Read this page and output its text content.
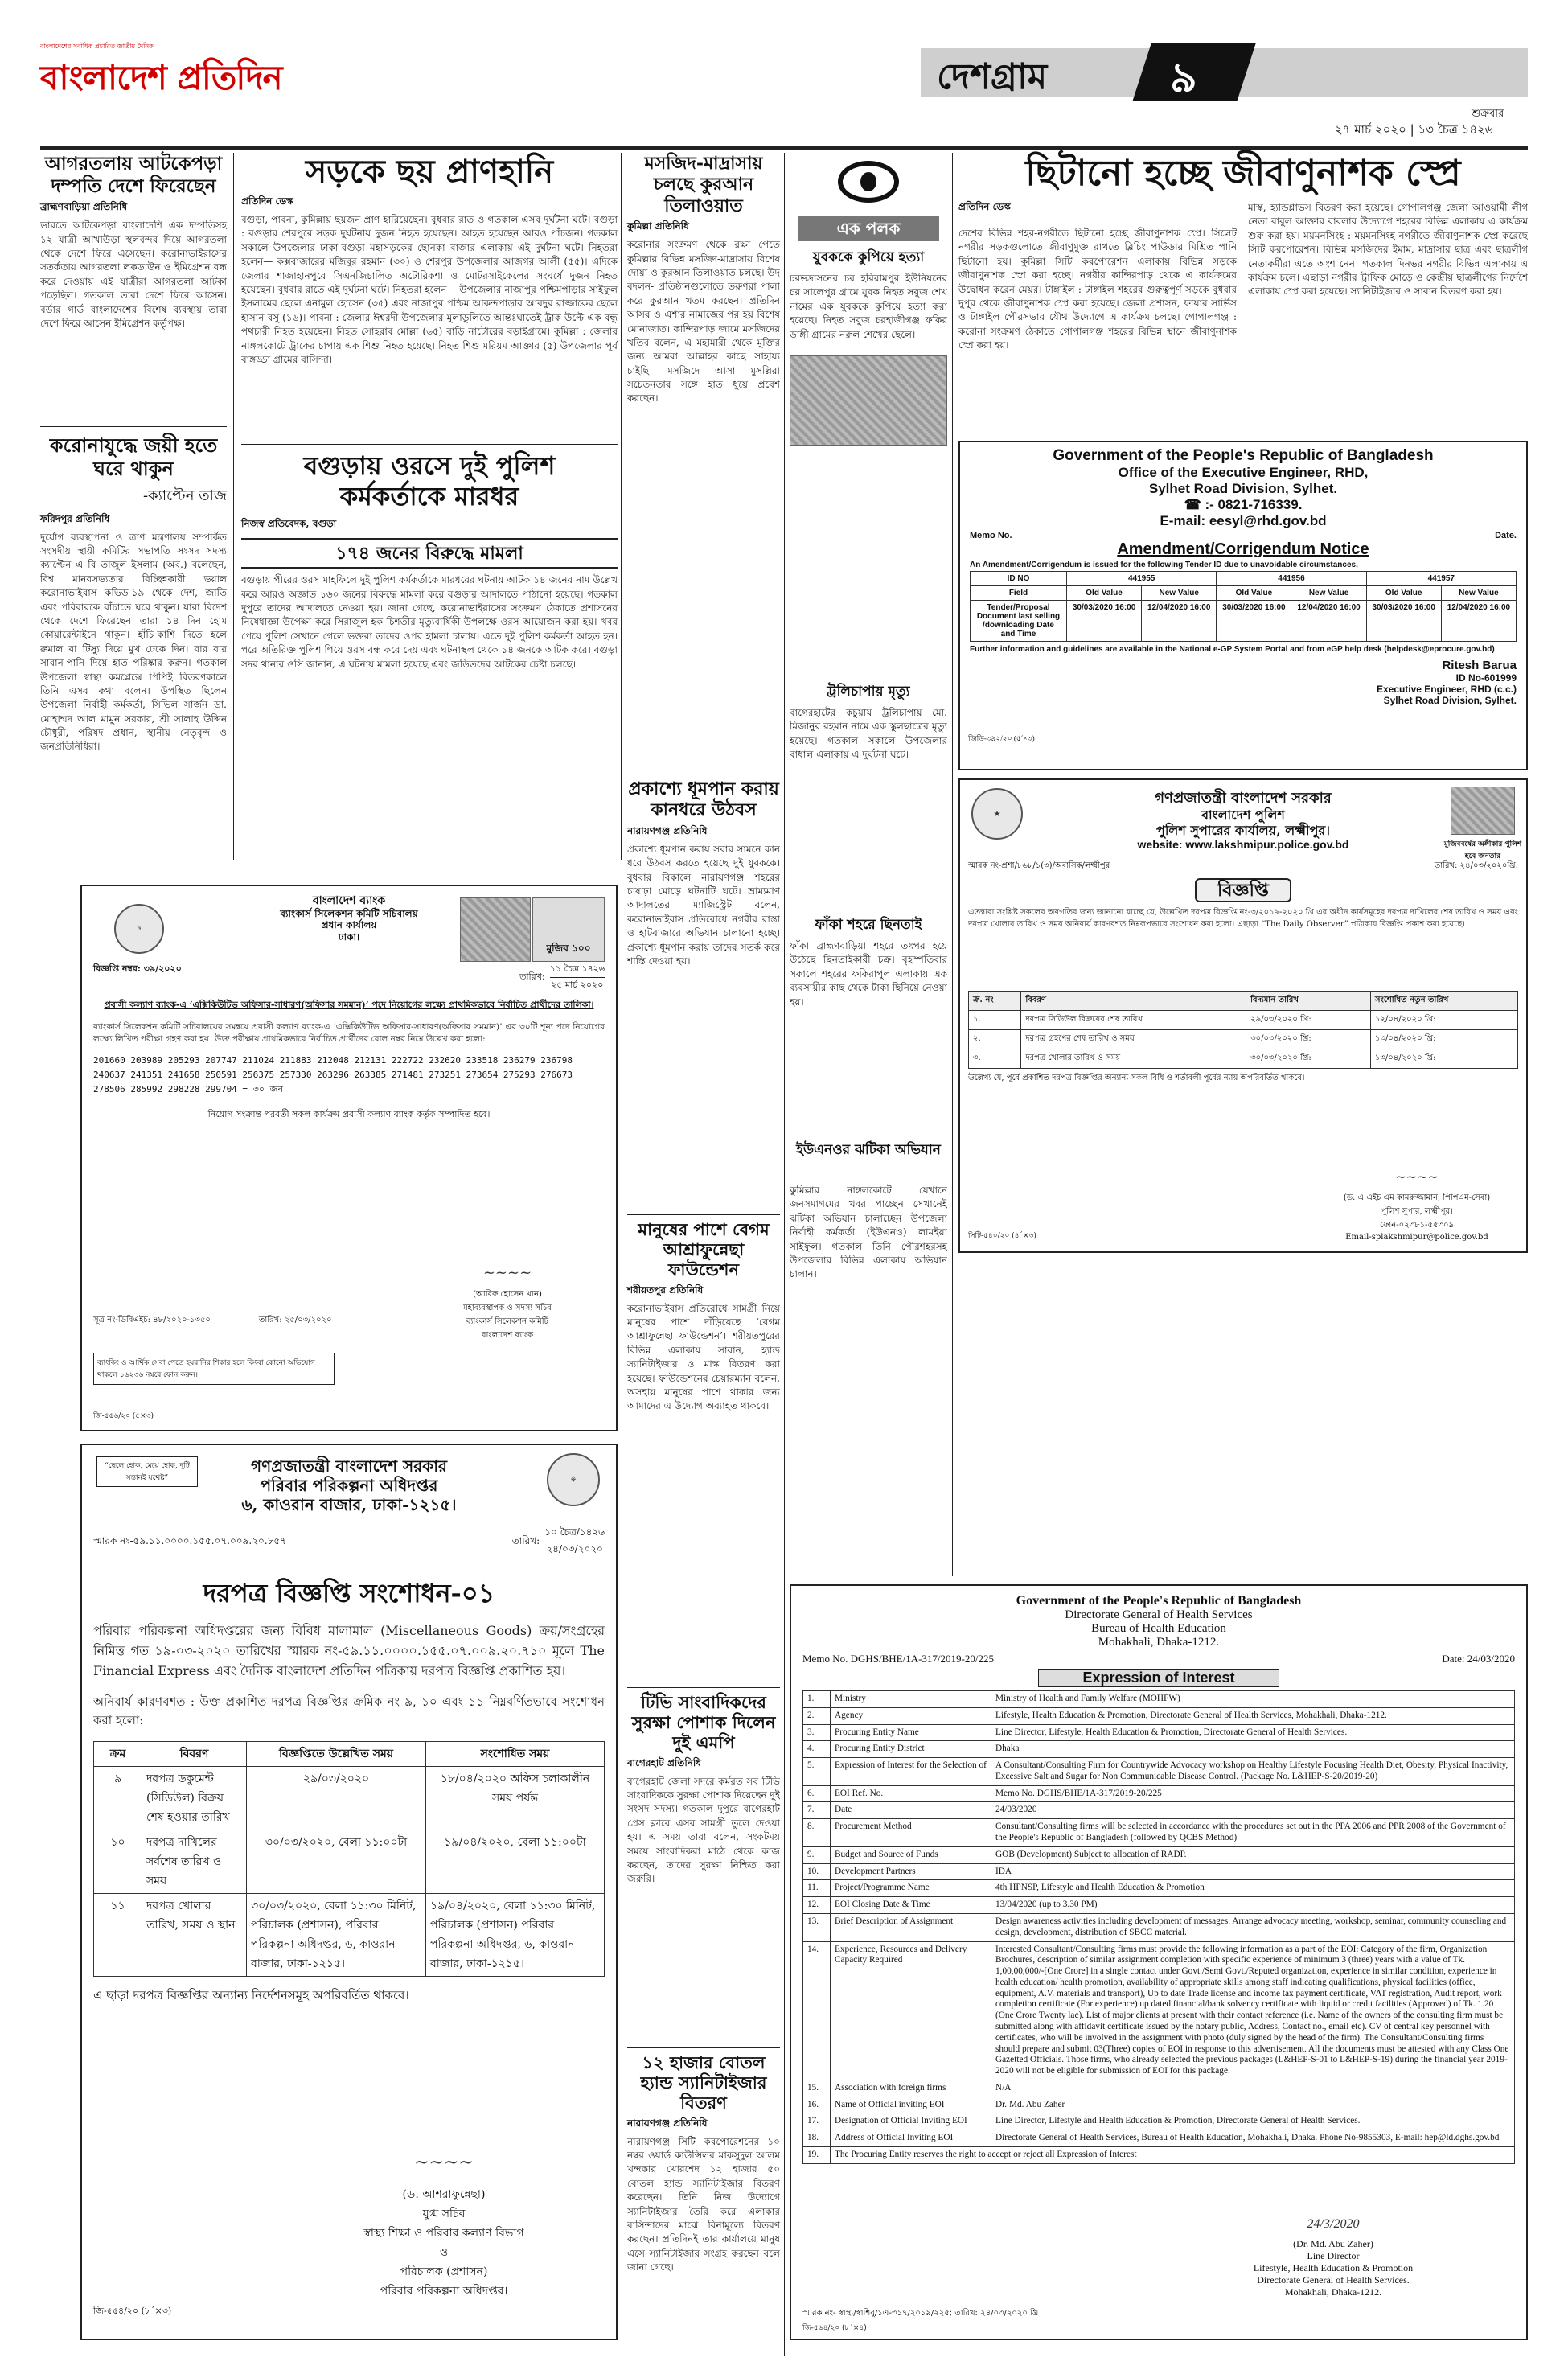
বাংলাদেশের সর্বাধিক প্রচারিত জাতীয় দৈনিক
বাংলাদেশ প্রতিদিন	দেশগ্রাম	৯
শুক্রবার
২৭ মার্চ ২০২০ | ১৩ চৈত্র ১৪২৬
আগরতলায় আটকেপড়া দম্পতি দেশে ফিরেছেন
ব্রাহ্মণবাড়িয়া প্রতিনিধি
ভারতে আটকেপড়া বাংলাদেশি এক দম্পতিসহ ১২ যাত্রী আখাউড়া স্থলবন্দর দিয়ে আগরতলা থেকে দেশে ফিরে এসেছেন। করোনাভাইরাসের সতর্কতায় আগরতলা লকডাউন ও ইমিগ্রেশন বন্ধ করে দেওয়ায় এই যাত্রীরা আগরতলা আটকা পড়েছিল। গতকাল তারা দেশে ফিরে আসেন। বর্ডার গার্ড বাংলাদেশের বিশেষ ব্যবস্থায় তারা দেশে ফিরে আসেন ইমিগ্রেশন কর্তৃপক্ষ।
করোনাযুদ্ধে জয়ী হতে ঘরে থাকুন
-ক্যাপ্টেন তাজ
ফরিদপুর প্রতিনিধি
দুর্যোগ ব্যবস্থাপনা ও ত্রাণ মন্ত্রণালয় সম্পর্কিত সংসদীয় স্থায়ী কমিটির সভাপতি সংসদ সদস্য ক্যাপ্টেন এ বি তাজুল ইসলাম (অব.) বলেছেন, বিশ্ব মানবসভ্যতার বিচ্ছিন্নকারী ভয়াল করোনাভাইরাস কভিড-১৯ থেকে দেশ, জাতি এবং পরিবারকে বাঁচাতে ঘরে থাকুন। যারা বিদেশ থেকে দেশে ফিরেছেন তারা ১৪ দিন হোম কোয়ারেন্টাইনে থাকুন। হাঁচি-কাশি দিতে হলে রুমাল বা টিস্যু দিয়ে মুখ ঢেকে দিন। বার বার সাবান-পানি দিয়ে হাত পরিষ্কার করুন। গতকাল উপজেলা স্বাস্থ্য কমপ্লেক্সে পিপিই বিতরণকালে তিনি এসব কথা বলেন। উপস্থিত ছিলেন উপজেলা নির্বাহী কর্মকর্তা, সিভিল সার্জন ডা. মোহাম্মদ আল মামুন সরকার, শ্রী সালাহ উদ্দিন চৌধুরী, পরিষদ প্রধান, স্থানীয় নেতৃবৃন্দ ও জনপ্রতিনিধিরা।
সড়কে ছয় প্রাণহানি
প্রতিদিন ডেস্ক
বগুড়া, পাবনা, কুমিল্লায় ছয়জন প্রাণ হারিয়েছেন। বুধবার রাত ও গতকাল এসব দুর্ঘটনা ঘটে। বগুড়া : বগুড়ার শেরপুরে সড়ক দুর্ঘটনায় দুজন নিহত হয়েছেন। আহত হয়েছেন আরও পাঁচজন। গতকাল সকালে উপজেলার ঢাকা-বগুড়া মহাসড়কের ছোনকা বাজার এলাকায় এই দুর্ঘটনা ঘটে। নিহতরা হলেন— কক্সবাজারের মজিবুর রহমান (৩০) ও শেরপুর উপজেলার আজগর আলী (৫৫)। এদিকে জেলার শাজাহানপুরে সিএনজিচালিত অটোরিকশা ও মোটরসাইকেলের সংঘর্ষে দুজন নিহত হয়েছেন। বুধবার রাতে এই দুর্ঘটনা ঘটে। নিহতরা হলেন— উপজেলার নাজাপুর পশ্চিমপাড়ার সাইফুল ইসলামের ছেলে এনামুল হোসেন (৩৫) এবং নাজাপুর পশ্চিম আকন্দপাড়ার আবদুর রাজ্জাকের ছেলে হাসান বসু (১৬)। পাবনা : জেলার ঈশ্বরদী উপজেলার মুলাডুলিতে আন্তঃঘাতেই ট্রাক উল্টে এক বন্ধু পথচারী নিহত হয়েছেন। নিহত সোহরাব মোল্লা (৬৫) বাড়ি নাটোরের বড়াইগ্রামে। কুমিল্লা : জেলার নাঙ্গলকোটে ট্রাকের চাপায় এক শিশু নিহত হয়েছে। নিহত শিশু মরিয়ম আক্তার (৫) উপজেলার পূর্ব বাঙ্গড্ডা গ্রামের বাসিন্দা।
বগুড়ায় ওরসে দুই পুলিশ কর্মকর্তাকে মারধর
নিজস্ব প্রতিবেদক, বগুড়া
১৭৪ জনের বিরুদ্ধে মামলা
বগুড়ায় পীরের ওরস মাহফিলে দুই পুলিশ কর্মকর্তাকে মারধরের ঘটনায় আটক ১৪ জনের নাম উল্লেখ করে আরও অজ্ঞাত ১৬০ জনের বিরুদ্ধে মামলা করে বগুড়ার আদালতে পাঠানো হয়েছে। গতকাল দুপুরে তাদের আদালতে নেওয়া হয়। জানা গেছে, করোনাভাইরাসের সংক্রমণ ঠেকাতে প্রশাসনের নিষেধাজ্ঞা উপেক্ষা করে সিরাজুল হক চিশতীর মৃত্যুবার্ষিকী উপলক্ষে ওরস আয়োজন করা হয়। খবর পেয়ে পুলিশ সেখানে গেলে ভক্তরা তাদের ওপর হামলা চালায়। এতে দুই পুলিশ কর্মকর্তা আহত হন। পরে অতিরিক্ত পুলিশ গিয়ে ওরস বন্ধ করে দেয় এবং ঘটনাস্থল থেকে ১৪ জনকে আটক করে। বগুড়া সদর থানার ওসি জানান, এ ঘটনায় মামলা হয়েছে এবং জড়িতদের আটকের চেষ্টা চলছে।
মসজিদ-মাদ্রাসায় চলছে কুরআন তিলাওয়াত
কুমিল্লা প্রতিনিধি
করোনার সংক্রমণ থেকে রক্ষা পেতে কুমিল্লার বিভিন্ন মসজিদ-মাদ্রাসায় বিশেষ দোয়া ও কুরআন তিলাওয়াত চলছে। উদ্‌ বদলন- প্রতিষ্ঠানগুলোতে তরুণরা পালা করে কুরআন খতম করছেন। প্রতিদিন আসর ও এশার নামাজের পর হয় বিশেষ মোনাজাত। কান্দিরপাড় জামে মসজিদের খতিব বলেন, এ মহামারী থেকে মুক্তির জন্য আমরা আল্লাহর কাছে সাহায্য চাইছি। মসজিদে আসা মুসল্লিরা সচেতনতার সঙ্গে হাত ধুয়ে প্রবেশ করছেন।
প্রকাশ্যে ধূমপান করায় কানধরে উঠবস
নারায়ণগঞ্জ প্রতিনিধি
প্রকাশ্যে ধূমপান করায় সবার সামনে কান ধরে উঠবস করতে হয়েছে দুই যুবককে। বুধবার বিকালে নারায়ণগঞ্জ শহরের চাষাঢ়া মোড়ে ঘটনাটি ঘটে। ভ্রাম্যমাণ আদালতের ম্যাজিস্ট্রেট বলেন, করোনাভাইরাস প্রতিরোধে নগরীর রাস্তা ও হাটবাজারে অভিযান চালানো হচ্ছে। প্রকাশ্যে ধূমপান করায় তাদের সতর্ক করে শাস্তি দেওয়া হয়।
মানুষের পাশে বেগম আশ্রাফুন্নেছা ফাউন্ডেশন
শরীয়তপুর প্রতিনিধি
করোনাভাইরাস প্রতিরোধে সামগ্রী নিয়ে মানুষের পাশে দাঁড়িয়েছে ‘বেগম আশ্রাফুন্নেছা ফাউন্ডেশন’। শরীয়তপুরের বিভিন্ন এলাকায় সাবান, হ্যান্ড স্যানিটাইজার ও মাস্ক বিতরণ করা হয়েছে। ফাউন্ডেশনের চেয়ারম্যান বলেন, অসহায় মানুষের পাশে থাকার জন্য আমাদের এ উদ্যোগ অব্যাহত থাকবে।
টিভি সাংবাদিকদের সুরক্ষা পোশাক দিলেন দুই এমপি
বাগেরহাট প্রতিনিধি
বাগেরহাট জেলা সদরে কর্মরত সব টিভি সাংবাদিককে সুরক্ষা পোশাক দিয়েছেন দুই সংসদ সদস্য। গতকাল দুপুরে বাগেরহাট প্রেস ক্লাবে এসব সামগ্রী তুলে দেওয়া হয়। এ সময় তারা বলেন, সংকটময় সময়ে সাংবাদিকরা মাঠে থেকে কাজ করছেন, তাদের সুরক্ষা নিশ্চিত করা জরুরি।
১২ হাজার বোতল হ্যান্ড স্যানিটাইজার বিতরণ
নারায়ণগঞ্জ প্রতিনিধি
নারায়ণগঞ্জ সিটি করপোরেশনের ১০ নম্বর ওয়ার্ড কাউন্সিলর মাকসুদুল আলম খন্দকার খোরশেদ ১২ হাজার ৫০ বোতল হ্যান্ড স্যানিটাইজার বিতরণ করেছেন। তিনি নিজ উদ্যোগে স্যানিটাইজার তৈরি করে এলাকার বাসিন্দাদের মাঝে বিনামূল্যে বিতরণ করছেন। প্রতিদিনই তার কার্যালয়ে মানুষ এসে স্যানিটাইজার সংগ্রহ করছেন বলে জানা গেছে।
এক পলক
যুবককে কুপিয়ে হত্যা
চরভদ্রাসনের চর হরিরামপুর ইউনিয়নের চর সালেপুর গ্রামে যুবক নিহত সবুজ শেখ নামের এক যুবককে কুপিয়ে হত্যা করা হয়েছে। নিহত সবুজ চরহাজীগঞ্জ ফকির ডাঙ্গী গ্রামের নরুল শেখের ছেলে।
ট্রলিচাপায় মৃত্যু
বাগেরহাটের কচুয়ায় ট্রলিচাপায় মো. মিজানুর রহমান নামে এক স্কুলছাত্রের মৃত্যু হয়েছে। গতকাল সকালে উপজেলার বাধাল এলাকায় এ দুর্ঘটনা ঘটে।
ফাঁকা শহরে ছিনতাই
ফাঁকা ব্রাহ্মণবাড়িয়া শহরে তৎপর হয়ে উঠেছে ছিনতাইকারী চক্র। বৃহস্পতিবার সকালে শহরের ফকিরাপুল এলাকায় এক ব্যবসায়ীর কাছ থেকে টাকা ছিনিয়ে নেওয়া হয়।
ইউএনওর ঝটিকা অভিযান
কুমিল্লার নাঙ্গলকোটে যেখানে জনসমাগমের খবর পাচ্ছেন সেখানেই ঝটিকা অভিযান চালাচ্ছেন উপজেলা নির্বাহী কর্মকর্তা (ইউএনও) লামইয়া সাইফুল। গতকাল তিনি পৌরশহরসহ উপজেলার বিভিন্ন এলাকায় অভিযান চালান।
ছিটানো হচ্ছে জীবাণুনাশক স্প্রে
প্রতিদিন ডেস্ক
দেশের বিভিন্ন শহর-নগরীতে ছিটানো হচ্ছে জীবাণুনাশক স্প্রে। সিলেট নগরীর সড়কগুলোতে জীবাণুমুক্ত রাখতে ব্লিচিং পাউডার মিশ্রিত পানি ছিটানো হয়। কুমিল্লা সিটি করপোরেশন এলাকায় বিভিন্ন সড়কে জীবাণুনাশক স্প্রে করা হচ্ছে। নগরীর কান্দিরপাড় থেকে এ কার্যক্রমের উদ্বোধন করেন মেয়র। টাঙ্গাইল : টাঙ্গাইল শহরের গুরুত্বপূর্ণ সড়কে বুধবার দুপুর থেকে জীবাণুনাশক স্প্রে করা হয়েছে। জেলা প্রশাসন, ফায়ার সার্ভিস ও টাঙ্গাইল পৌরসভার যৌথ উদ্যোগে এ কার্যক্রম চলছে। গোপালগঞ্জ : করোনা সংক্রমণ ঠেকাতে গোপালগঞ্জ শহরের বিভিন্ন স্থানে জীবাণুনাশক স্প্রে করা হয়।
মাস্ক, হ্যান্ডগ্লাভস বিতরণ করা হয়েছে। গোপালগঞ্জ জেলা আওয়ামী লীগ নেতা বাবুল আক্তার বাবলার উদ্যোগে শহরের বিভিন্ন এলাকায় এ কার্যক্রম শুরু করা হয়। ময়মনসিংহ : ময়মনসিংহ নগরীতে জীবাণুনাশক স্প্রে করেছে সিটি করপোরেশন। বিভিন্ন মসজিদের ইমাম, মাদ্রাসার ছাত্র এবং ছাত্রলীগ নেতাকর্মীরা এতে অংশ নেন। গতকাল দিনভর নগরীর বিভিন্ন এলাকায় এ কার্যক্রম চলে। এছাড়া নগরীর ট্রাফিক মোড়ে ও কেন্দ্রীয় ছাত্রলীগের নির্দেশে এলাকায় স্প্রে করা হয়েছে। স্যানিটাইজার ও সাবান বিতরণ করা হয়।
Government of the People's Republic of Bangladesh
Office of the Executive Engineer, RHD,
Sylhet Road Division, Sylhet.
☎ :- 0821-716339.
E-mail: eesyl@rhd.gov.bd
Memo No.	Date.
Amendment/Corrigendum Notice
An Amendment/Corrigendum is issued for the following Tender ID due to unavoidable circumstances,
ID NO	441955		441956		441957	
Field	Old Value	New Value	Old Value	New Value	Old Value	New Value
Tender/Proposal Document last selling /downloading Date and Time	30/03/2020 16:00	12/04/2020 16:00	30/03/2020 16:00	12/04/2020 16:00	30/03/2020 16:00	12/04/2020 16:00
Further information and guidelines are available in the National e-GP System Portal and from eGP help desk (helpdesk@eprocure.gov.bd)
Ritesh Barua
ID No-601999
Executive Engineer, RHD (c.c.)
Sylhet Road Division, Sylhet.
জিডি-৩৯২/২০ (৫´×৩)
★
মুজিববর্ষের অঙ্গীকার পুলিশ হবে জনতার
গণপ্রজাতন্ত্রী বাংলাদেশ সরকার
বাংলাদেশ পুলিশ
পুলিশ সুপারের কার্যালয়, লক্ষ্মীপুর।
website: www.lakshmipur.police.gov.bd
স্মারক নং-প্রশা/৮৬৮/১(৩)/অবাসিক/লক্ষ্মীপুর	তারিখ: ২৪/০৩/২০২০খ্রি:
বিজ্ঞপ্তি
এতদ্বারা সংশ্লিষ্ট সকলের অবগতির জন্য জানানো যাচ্ছে যে, উল্লেখিত দরপত্র বিজ্ঞপ্তি নং-৩/২০১৯-২০২০ খ্রি এর অধীন কার্যসমূহের দরপত্র দাখিলের শেষ তারিখ ও সময় এবং দরপত্র খোলার তারিখ ও সময় অনিবার্য কারণবশত নিম্নরূপভাবে সংশোধন করা হলো। এছাড়া “The Daily Observer” পত্রিকায় বিজ্ঞপ্তি প্রকাশ করা হয়েছে।
ক্র. নং	বিবরণ	বিদ্যমান তারিখ	সংশোধিত নতুন তারিখ
১.	দরপত্র সিডিউল বিক্রয়ের শেষ তারিখ	২৯/০৩/২০২০ খ্রি:	১২/০৪/২০২০ খ্রি:
২.	দরপত্র গ্রহণের শেষ তারিখ ও সময়	৩০/০৩/২০২০ খ্রি:	১৩/০৪/২০২০ খ্রি:
৩.	দরপত্র খোলার তারিখ ও সময়	৩০/০৩/২০২০ খ্রি:	১৩/০৪/২০২০ খ্রি:
উল্লেখ্য যে, পূর্বে প্রকাশিত দরপত্র বিজ্ঞপ্তির অন্যান্য সকল বিধি ও শর্তাবলী পূর্বের ন্যায় অপরিবর্তিত থাকবে।
~~~~
(ড. এ এইচ এম কামরুজ্জামান, পিপিএম-সেবা)
পুলিশ সুপার, লক্ষ্মীপুর।
ফোন-০২৩৮১-৫৫৩০৯
Email-splakshmipur@police.gov.bd
সিটি-৫৪০/২০ (৪´×৩)
৳
মুজিব ১০০
বাংলাদেশ ব্যাংক
ব্যাংকার্স সিলেকশন কমিটি সচিবালয়
প্রধান কার্যালয়
ঢাকা।
বিজ্ঞপ্তি নম্বর: ৩৯/২০২০
তারিখ:
১১ চৈত্র ১৪২৬
২৫ মার্চ ২০২০
প্রবাসী কল্যাণ ব্যাংক-এ ‘এক্সিকিউটিভ অফিসার-সাধারণ(অফিসার সমমান)’ পদে নিয়োগের লক্ষ্যে প্রাথমিকভাবে নির্বাচিত প্রার্থীদের তালিকা।
ব্যাংকার্স সিলেকশন কমিটি সচিবালয়ের সমন্বয়ে প্রবাসী কল্যাণ ব্যাংক-এ ‘এক্সিকিউটিভ অফিসার-সাধারণ(অফিসার সমমান)’ এর ৩০টি শূন্য পদে নিয়োগের লক্ষ্যে লিখিত পরীক্ষা গ্রহণ করা হয়। উক্ত পরীক্ষায় প্রাথমিকভাবে নির্বাচিত প্রার্থীদের রোল নম্বর নিম্নে উল্লেখ করা হলো:
201660 203989 205293 207747 211024 211883 212048 212131 222722 232620 233518 236279 236798 240637 241351 241658 250591 256375 257330 263296 263385 271481 273251 273654 275293 276673 278506 285992 298228 299704 = ৩০ জন
নিয়োগ সংক্রান্ত পরবর্তী সকল কার্যক্রম প্রবাসী কল্যাণ ব্যাংক কর্তৃক সম্পাদিত হবে।
~~~~
(আরিফ হোসেন খান)
মহাব্যবস্থাপক ও সদস্য সচিব
ব্যাংকার্স সিলেকশন কমিটি
বাংলাদেশ ব্যাংক
সূত্র নং-ডিবিএইচ: ৪৮/২০২০-১৩৫০	তারিখ: ২৫/০৩/২০২০
ব্যাংকিং ও আর্থিক সেবা পেতে হয়রানির শিকার হলে কিংবা কোনো অভিযোগ থাকলে ১৬২৩৬ নম্বরে ফোন করুন।
জি-৫৫৬/২০ (৫×৩)
“ছেলে হোক, মেয়ে হোক, দুটি সন্তানই যথেষ্ট”	⚘
গণপ্রজাতন্ত্রী বাংলাদেশ সরকার
পরিবার পরিকল্পনা অধিদপ্তর
৬, কাওরান বাজার, ঢাকা-১২১৫।
স্মারক নং-৫৯.১১.০০০০.১৫৫.০৭.০০৯.২০.৮৫৭	তারিখ:
১০ চৈত্র/১৪২৬
২৪/০৩/২০২০
দরপত্র বিজ্ঞপ্তি সংশোধন-০১
পরিবার পরিকল্পনা অধিদপ্তরের জন্য বিবিধ মালামাল (Miscellaneous Goods) ক্রয়/সংগ্রহের নিমিত্ত গত ১৯-০৩-২০২০ তারিখের স্মারক নং-৫৯.১১.০০০০.১৫৫.০৭.০০৯.২০.৭১০ মূলে The Financial Express এবং দৈনিক বাংলাদেশ প্রতিদিন পত্রিকায় দরপত্র বিজ্ঞপ্তি প্রকাশিত হয়।
অনিবার্য কারণবশত : উক্ত প্রকাশিত দরপত্র বিজ্ঞপ্তির ক্রমিক নং ৯, ১০ এবং ১১ নিম্নবর্ণিতভাবে সংশোধন করা হলো:
ক্রম	বিবরণ	বিজ্ঞপ্তিতে উল্লেখিত সময়	সংশোধিত সময়
৯	দরপত্র ডকুমেন্ট (সিডিউল) বিক্রয় শেষ হওয়ার তারিখ	২৯/০৩/২০২০	১৮/০৪/২০২০ অফিস চলাকালীন সময় পর্যন্ত
১০	দরপত্র দাখিলের সর্বশেষ তারিখ ও সময়	৩০/০৩/২০২০, বেলা ১১:০০টা	১৯/০৪/২০২০, বেলা ১১:০০টা
১১	দরপত্র খোলার তারিখ, সময় ও স্থান	৩০/০৩/২০২০, বেলা ১১:৩০ মিনিট, পরিচালক (প্রশাসন), পরিবার পরিকল্পনা অধিদপ্তর, ৬, কাওরান বাজার, ঢাকা-১২১৫।	১৯/০৪/২০২০, বেলা ১১:৩০ মিনিট, পরিচালক (প্রশাসন) পরিবার পরিকল্পনা অধিদপ্তর, ৬, কাওরান বাজার, ঢাকা-১২১৫।
এ ছাড়া দরপত্র বিজ্ঞপ্তির অন্যান্য নির্দেশনসমূহ অপরিবর্তিত থাকবে।
~~~~
(ড. আশরাফুন্নেছা)
যুগ্ম সচিব
স্বাস্থ্য শিক্ষা ও পরিবার কল্যাণ বিভাগ
ও
পরিচালক (প্রশাসন)
পরিবার পরিকল্পনা অধিদপ্তর।
জি-৫৫৪/২০ (৮´×৩)
Government of the People's Republic of Bangladesh
Directorate General of Health Services
Bureau of Health Education
Mohakhali, Dhaka-1212.
Memo No. DGHS/BHE/1A-317/2019-20/225	Date: 24/03/2020
Expression of Interest
1.	Ministry	Ministry of Health and Family Welfare (MOHFW)
2.	Agency	Lifestyle, Health Education & Promotion, Directorate General of Health Services, Mohakhali, Dhaka-1212.
3.	Procuring Entity Name	Line Director, Lifestyle, Health Education & Promotion, Directorate General of Health Services.
4.	Procuring Entity District	Dhaka
5.	Expression of Interest for the Selection of	A Consultant/Consulting Firm for Countrywide Advocacy workshop on Healthy Lifestyle Focusing Health Diet, Obesity, Physical Inactivity, Excessive Salt and Sugar for Non Communicable Disease Control. (Package No. L&HEP-S-20/2019-20)
6.	EOI Ref. No.	Memo No. DGHS/BHE/1A-317/2019-20/225
7.	Date	24/03/2020
8.	Procurement Method	Consultant/Consulting firms will be selected in accordance with the procedures set out in the PPA 2006 and PPR 2008 of the Government of the People's Republic of Bangladesh (followed by QCBS Method)
9.	Budget and Source of Funds	GOB (Development) Subject to allocation of RADP.
10.	Development Partners	IDA
11.	Project/Programme Name	4th HPNSP, Lifestyle and Health Education & Promotion
12.	EOI Closing Date & Time	13/04/2020 (up to 3.30 PM)
13.	Brief Description of Assignment	Design awareness activities including development of messages. Arrange advocacy meeting, workshop, seminar, community counseling and design, development, distribution of SBCC material.
14.	Experience, Resources and Delivery Capacity Required	Interested Consultant/Consulting firms must provide the following information as a part of the EOI: Category of the firm, Organization Brochures, description of similar assignment completion with specific experience of minimum 3 (three) years with a value of Tk. 1,00,00,000/-[One Crore] in a single contact under Govt./Semi Govt./Reputed organization, experience in similar condition, experience in health education/ health promotion, availability of appropriate skills among staff indicating qualifications, physical facilities (office, equipment, A.V. materials and transport), Up to date Trade license and income tax payment certificate, VAT registration, Audit report, work completion certificate (For experience) up dated financial/bank solvency certificate with liquid or credit facilities (Approved) of Tk. 1.20 (One Crore Twenty lac). List of major clients at present with their contact reference (i.e. Name of the owners of the consulting firm must be submitted along with affidavit certificate issued by the notary public, Address, Contact no., email etc). CV of central key personnel with certificates, who will be involved in the assignment with photo (duly signed by the head of the firm). The Consultant/Consulting firms should prepare and submit 03(Three) copies of EOI in response to this advertisement. All the documents must be attested with any Class One Gazetted Officials. Those firms, who already selected the previous packages (L&HEP-S-01 to L&HEP-S-19) during the financial year 2019-2020 will not be eligible for submission of EOI for this package.
15.	Association with foreign firms	N/A
16.	Name of Official inviting EOI	Dr. Md. Abu Zaher
17.	Designation of Official Inviting EOI	Line Director, Lifestyle and Health Education & Promotion, Directorate General of Health Services.
18.	Address of Official Inviting EOI	Directorate General of Health Services, Bureau of Health Education, Mohakhali, Dhaka. Phone No-9855303, E-mail: hep@ld.dghs.gov.bd
19.	The Procuring Entity reserves the right to accept or reject all Expression of Interest	
24/3/2020
(Dr. Md. Abu Zaher)
Line Director
Lifestyle, Health Education & Promotion
Directorate General of Health Services.
Mohakhali, Dhaka-1212.
স্মারক নং- স্বাস্থ্য/স্বাশিবু/১এ-৩১৭/২০১৯/২২৫; তারিখ: ২৪/০৩/২০২০ খ্রি
জি-৫৬৪/২০ (৮´×৪)
